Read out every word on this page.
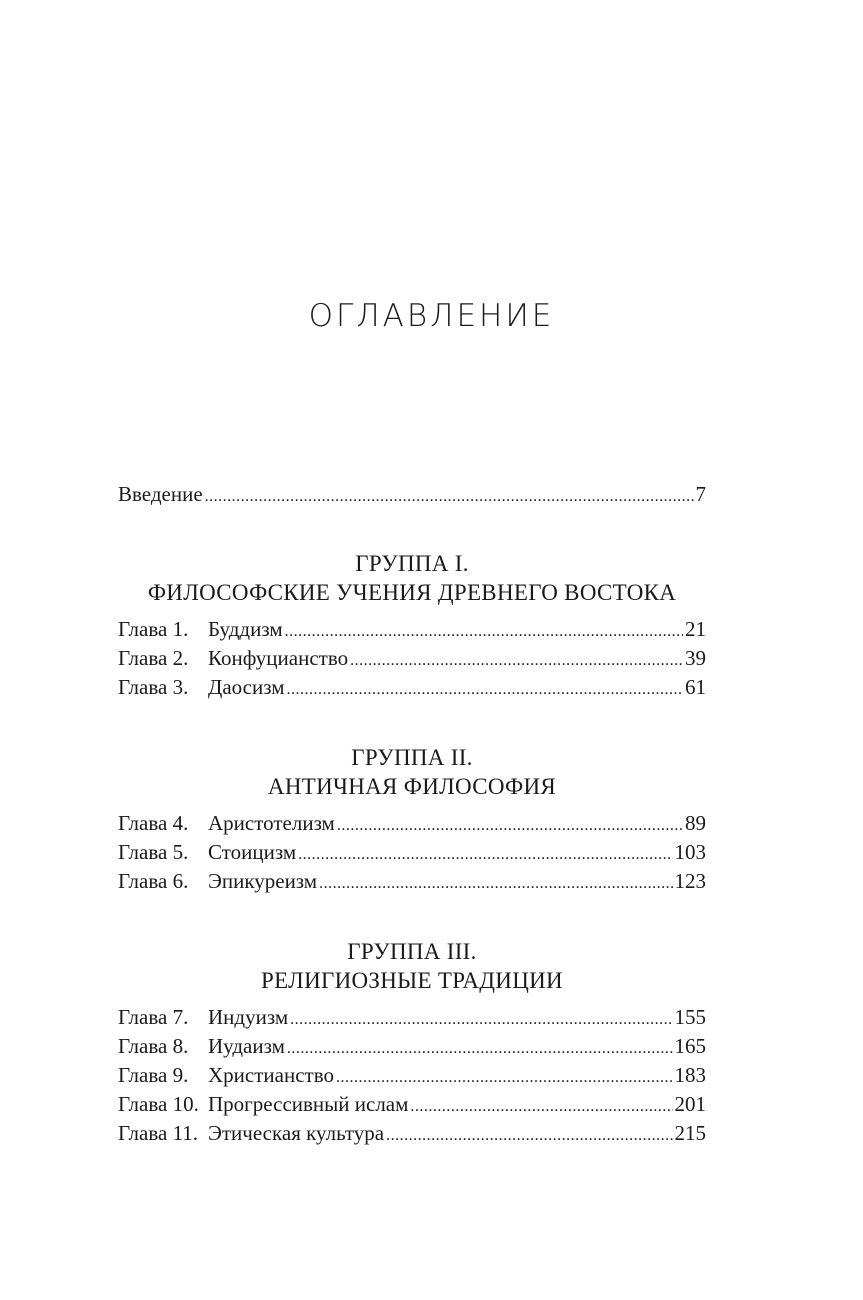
ОГЛАВЛЕНИЕ
Введение .....	7
ГРУППА I.
ФИЛОСОФСКИЕ УЧЕНИЯ ДРЕВНЕГО ВОСТОКА
Глава 1. Буддизм .....	21
Глава 2. Конфуцианство .....	39
Глава 3. Даосизм .....	61
ГРУППА II.
АНТИЧНАЯ ФИЛОСОФИЯ
Глава 4. Аристотелизм .....	89
Глава 5. Стоицизм .....	103
Глава 6. Эпикуреизм .....	123
ГРУППА III.
РЕЛИГИОЗНЫЕ ТРАДИЦИИ
Глава 7. Индуизм .....	155
Глава 8. Иудаизм .....	165
Глава 9. Христианство .....	183
Глава 10. Прогрессивный ислам .....	201
Глава 11. Этическая культура .....	215
